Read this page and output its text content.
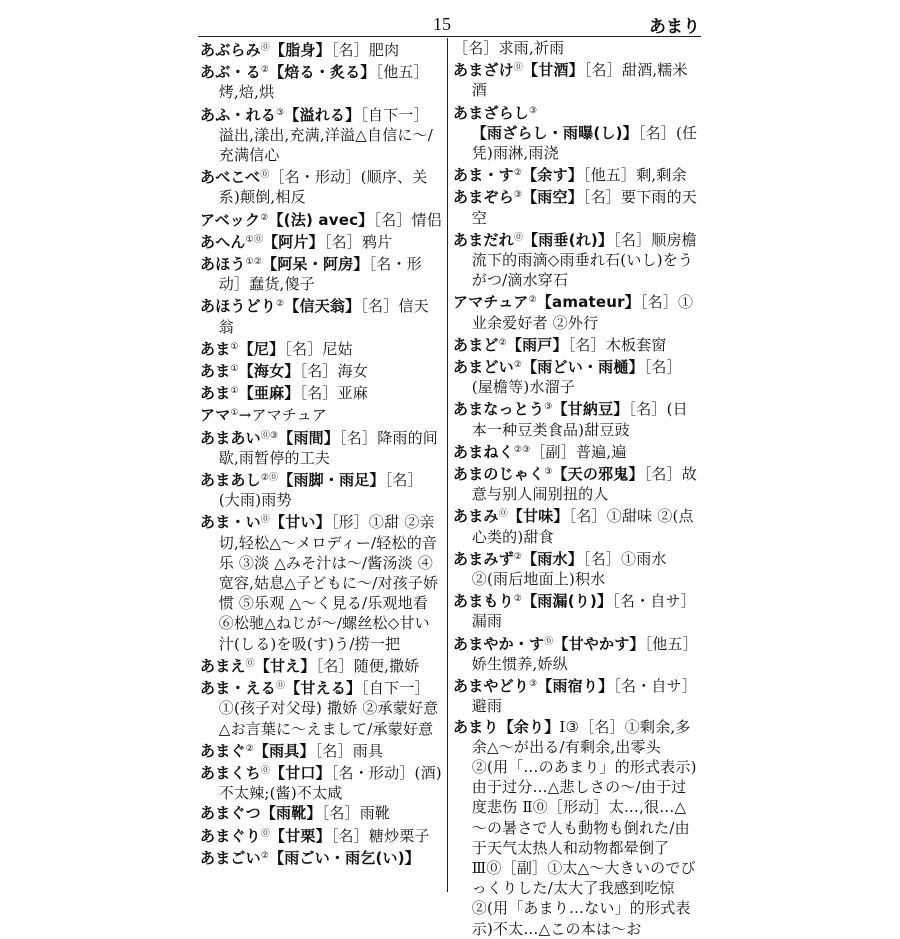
15	あまり

あぶらみ⓪【脂身】［名］肥肉

あぶ・る②【焙る・炙る】［他五］烤,焙,烘

あふ・れる③【溢れる】［自下一］溢出,漾出,充满,洋溢△自信に～/充满信心

あべこべ⓪［名・形动］(顺序、关系)颠倒,相反

アベック②【(法) avec】［名］情侣

あへん①⓪【阿片】［名］鸦片

あほう①②【阿呆・阿房】［名・形动］蠢货,傻子

あほうどり②【信天翁】［名］信天翁

あま①【尼】［名］尼姑

あま①【海女】［名］海女

あま①【亜麻】［名］亚麻

アマ①→アマチュア

あまあい⓪③【雨間】［名］降雨的间歇,雨暂停的工夫

あまあし②⓪【雨脚・雨足】［名］(大雨)雨势

あま・い⓪【甘い】［形］①甜 ②亲切,轻松△～メロディー/轻松的音乐 ③淡 △みそ汁は～/酱汤淡 ④宽容,姑息△子どもに～/对孩子娇惯 ⑤乐观 △～く見る/乐观地看 ⑥松驰△ねじが～/螺丝松◇甘い汁(しる)を吸(す)う/捞一把

あまえ⓪【甘え】［名］随便,撒娇

あま・える⓪【甘える】［自下一］①(孩子对父母) 撒娇 ②承蒙好意△お言葉に～えまして/承蒙好意

あまぐ②【雨具】［名］雨具

あまくち⓪【甘口】［名・形动］(酒)不太辣;(酱)不太咸

あまぐつ【雨靴】［名］雨靴

あまぐり⓪【甘栗】［名］糖炒栗子

あまごい②【雨ごい・雨乞(い)】

［名］求雨,祈雨

あまざけ⓪【甘酒】［名］甜酒,糯米酒

あまざらし③【雨ざらし・雨曝(し)】［名］(任凭)雨淋,雨浇

あま・す②【余す】［他五］剩,剩余

あまぞら③【雨空】［名］要下雨的天空

あまだれ⓪【雨垂(れ)】［名］顺房檐流下的雨滴◇雨垂れ石(いし)をうがつ/滴水穿石

アマチュア②【amateur】［名］①业余爱好者 ②外行

あまど②【雨戸】［名］木板套窗

あまどい②【雨どい・雨樋】［名］(屋檐等)水溜子

あまなっとう③【甘納豆】［名］(日本一种豆类食品)甜豆豉

あまねく②③［副］普遍,遍

あまのじゃく③【天の邪鬼】［名］故意与别人闹别扭的人

あまみ⓪【甘味】［名］①甜味 ②(点心类的)甜食

あまみず②【雨水】［名］①雨水 ②(雨后地面上)积水

あまもり②【雨漏(り)】［名・自サ］漏雨

あまやか・す⓪【甘やかす】［他五］娇生惯养,娇纵

あまやどり③【雨宿り】［名・自サ］避雨

あまり【余り】Ⅰ③［名］①剩余,多余△～が出る/有剩余,出零头 ②(用「…のあまり」的形式表示)由于过分…△悲しさの～/由于过度悲伤 Ⅱ⓪［形动］太…,很…△～の暑さで人も動物も倒れた/由于天气太热人和动物都晕倒了 Ⅲ⓪［副］①太△～大きいのでびっくりした/太大了我感到吃惊 ②(用「あまり…ない」的形式表示)不太…△この本は～お
